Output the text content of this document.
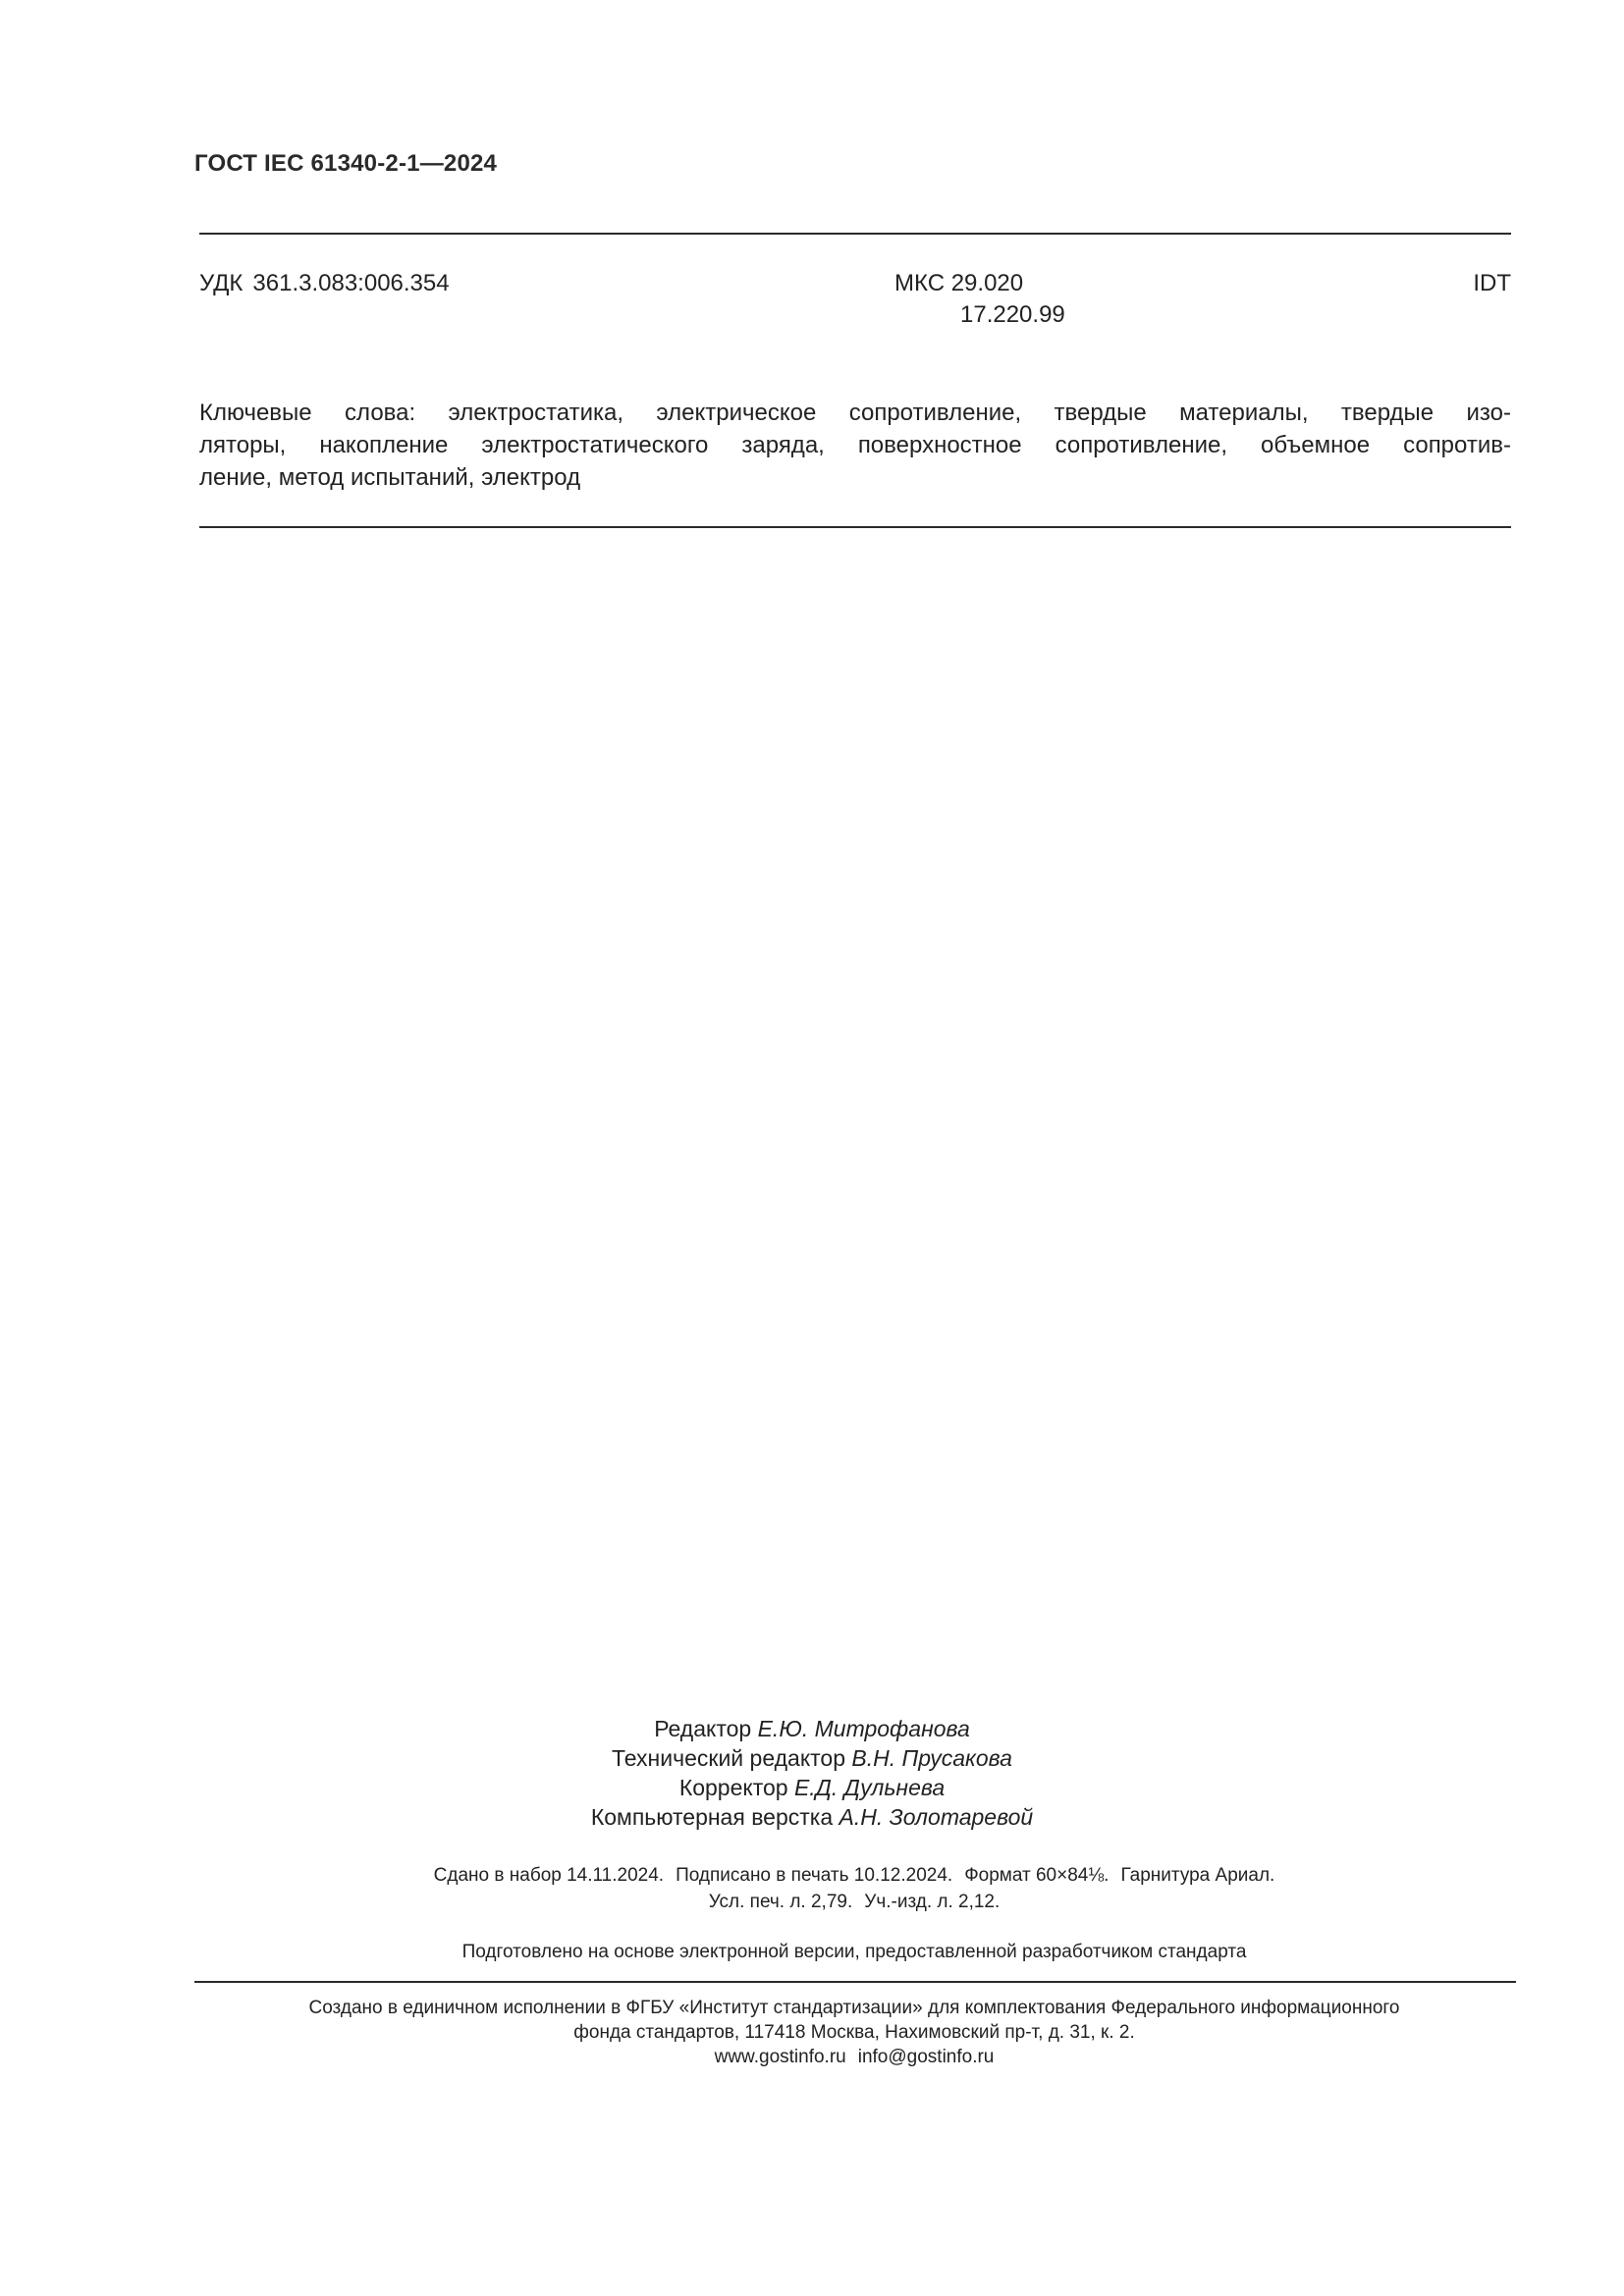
ГОСТ IEC 61340-2-1—2024
УДК 361.3.083:006.354	МКС 29.020
17.220.99
IDT
Ключевые слова: электростатика, электрическое сопротивление, твердые материалы, твердые изо-
ляторы, накопление электростатического заряда, поверхностное сопротивление, объемное сопротив-
ление, метод испытаний, электрод
Редактор Е.Ю. Митрофанова
Технический редактор В.Н. Прусакова
Корректор Е.Д. Дульнева
Компьютерная верстка А.Н. Золотаревой
Сдано в набор 14.11.2024. Подписано в печать 10.12.2024. Формат 60×84⅛. Гарнитура Ариал.
Усл. печ. л. 2,79. Уч.-изд. л. 2,12.
Подготовлено на основе электронной версии, предоставленной разработчиком стандарта
Создано в единичном исполнении в ФГБУ «Институт стандартизации» для комплектования Федерального информационного
фонда стандартов, 117418 Москва, Нахимовский пр-т, д. 31, к. 2.
www.gostinfo.ru info@gostinfo.ru
